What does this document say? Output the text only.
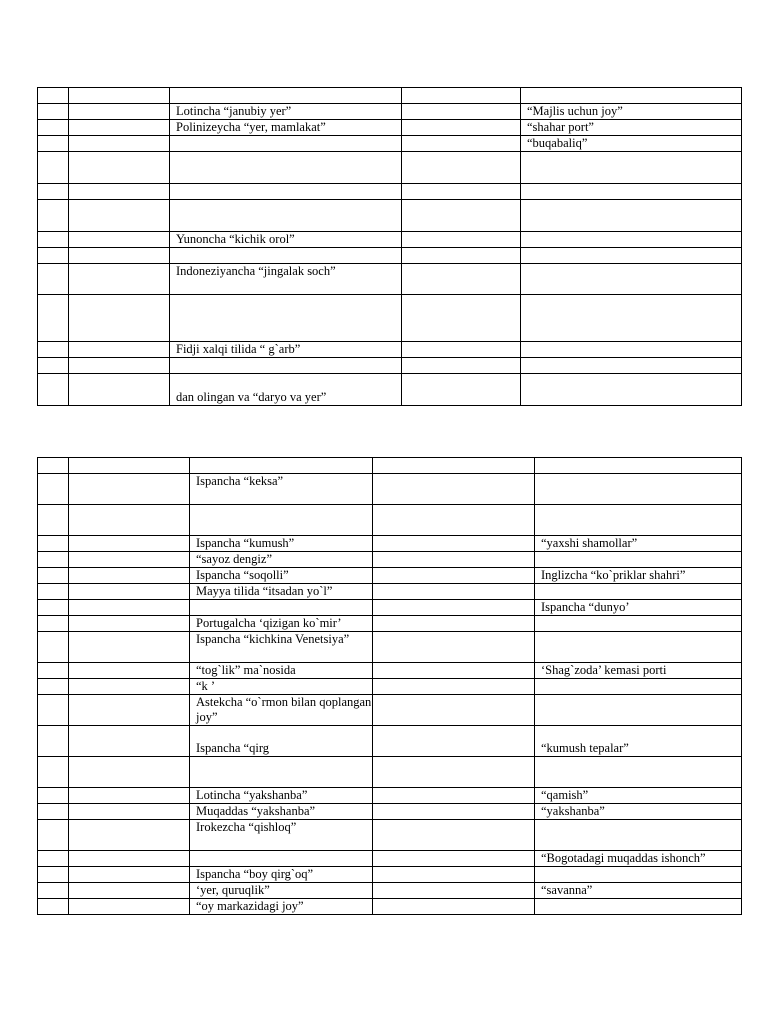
		Lotincha “janubiy yer”		“Majlis uchun joy”
		Polinizeycha “yer, mamlakat”		“shahar port”
				“buqabaliq”

		Yunoncha “kichik orol”		

		Indoneziyancha “jingalak soch”		

		Fidji xalqi tilida “ g`arb”		

		dan olingan va “daryo va yer”		

		Ispancha “keksa”		

		Ispancha “kumush”		“yaxshi shamollar”
		“sayoz dengiz”		
		Ispancha “soqolli”		Inglizcha “ko`priklar shahri”
		Mayya tilida “itsadan yo`l”		
				Ispancha “dunyo’
		Portugalcha ‘qizigan ko`mir’		
		Ispancha “kichkina Venetsiya”		
		“tog`lik” ma`nosida		‘Shag`zoda’ kemasi porti
		“k ’		
		Astekcha “o`rmon bilan qoplangan joy”		
		Ispancha “qirg		“kumush tepalar”

		Lotincha “yakshanba”		“qamish”
		Muqaddas “yakshanba”		“yakshanba”
		Irokezcha “qishloq”		
				“Bogotadagi muqaddas ishonch”
		Ispancha “boy qirg`oq”		
		‘yer, quruqlik”		“savanna”
		“oy markazidagi joy”		
